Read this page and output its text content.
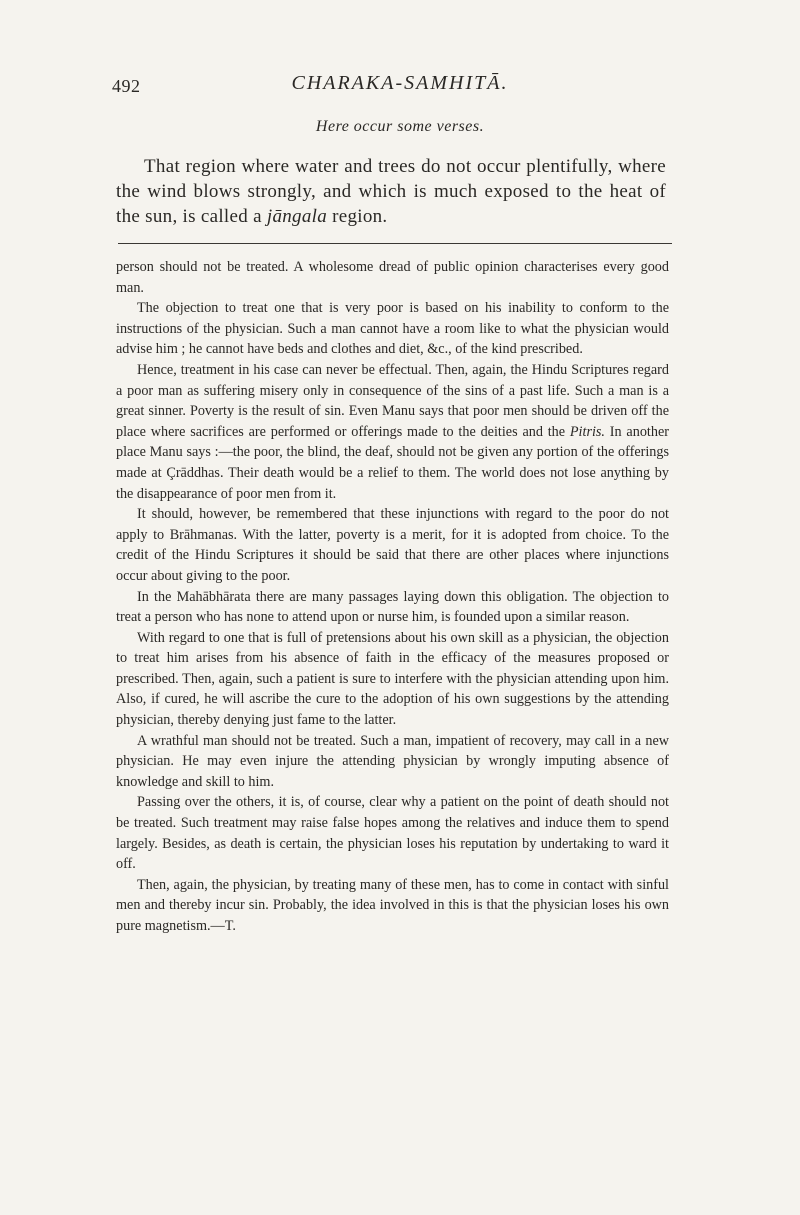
492	CHARAKA-SAMHITĀ.
Here occur some verses.

That region where water and trees do not occur plentifully, where the wind blows strongly, and which is much exposed to the heat of the sun, is called a jāngala region.

person should not be treated. A wholesome dread of public opinion characterises every good man.

The objection to treat one that is very poor is based on his inability to conform to the instructions of the physician. Such a man cannot have a room like to what the physician would advise him ; he cannot have beds and clothes and diet, &c., of the kind prescribed.

Hence, treatment in his case can never be effectual. Then, again, the Hindu Scriptures regard a poor man as suffering misery only in consequence of the sins of a past life. Such a man is a great sinner. Poverty is the result of sin. Even Manu says that poor men should be driven off the place where sacrifices are performed or offerings made to the deities and the Pitris. In another place Manu says :—the poor, the blind, the deaf, should not be given any portion of the offerings made at Çrāddhas. Their death would be a relief to them. The world does not lose anything by the disappearance of poor men from it.

It should, however, be remembered that these injunctions with regard to the poor do not apply to Brāhmanas. With the latter, poverty is a merit, for it is adopted from choice. To the credit of the Hindu Scriptures it should be said that there are other places where injunctions occur about giving to the poor.

In the Mahābhārata there are many passages laying down this obligation. The objection to treat a person who has none to attend upon or nurse him, is founded upon a similar reason.

With regard to one that is full of pretensions about his own skill as a physician, the objection to treat him arises from his absence of faith in the efficacy of the measures proposed or prescribed. Then, again, such a patient is sure to interfere with the physician attending upon him. Also, if cured, he will ascribe the cure to the adoption of his own suggestions by the attending physician, thereby denying just fame to the latter.

A wrathful man should not be treated. Such a man, impatient of recovery, may call in a new physician. He may even injure the attending physician by wrongly imputing absence of knowledge and skill to him.

Passing over the others, it is, of course, clear why a patient on the point of death should not be treated. Such treatment may raise false hopes among the relatives and induce them to spend largely. Besides, as death is certain, the physician loses his reputation by undertaking to ward it off.

Then, again, the physician, by treating many of these men, has to come in contact with sinful men and thereby incur sin. Probably, the idea involved in this is that the physician loses his own pure magnetism.—T.
